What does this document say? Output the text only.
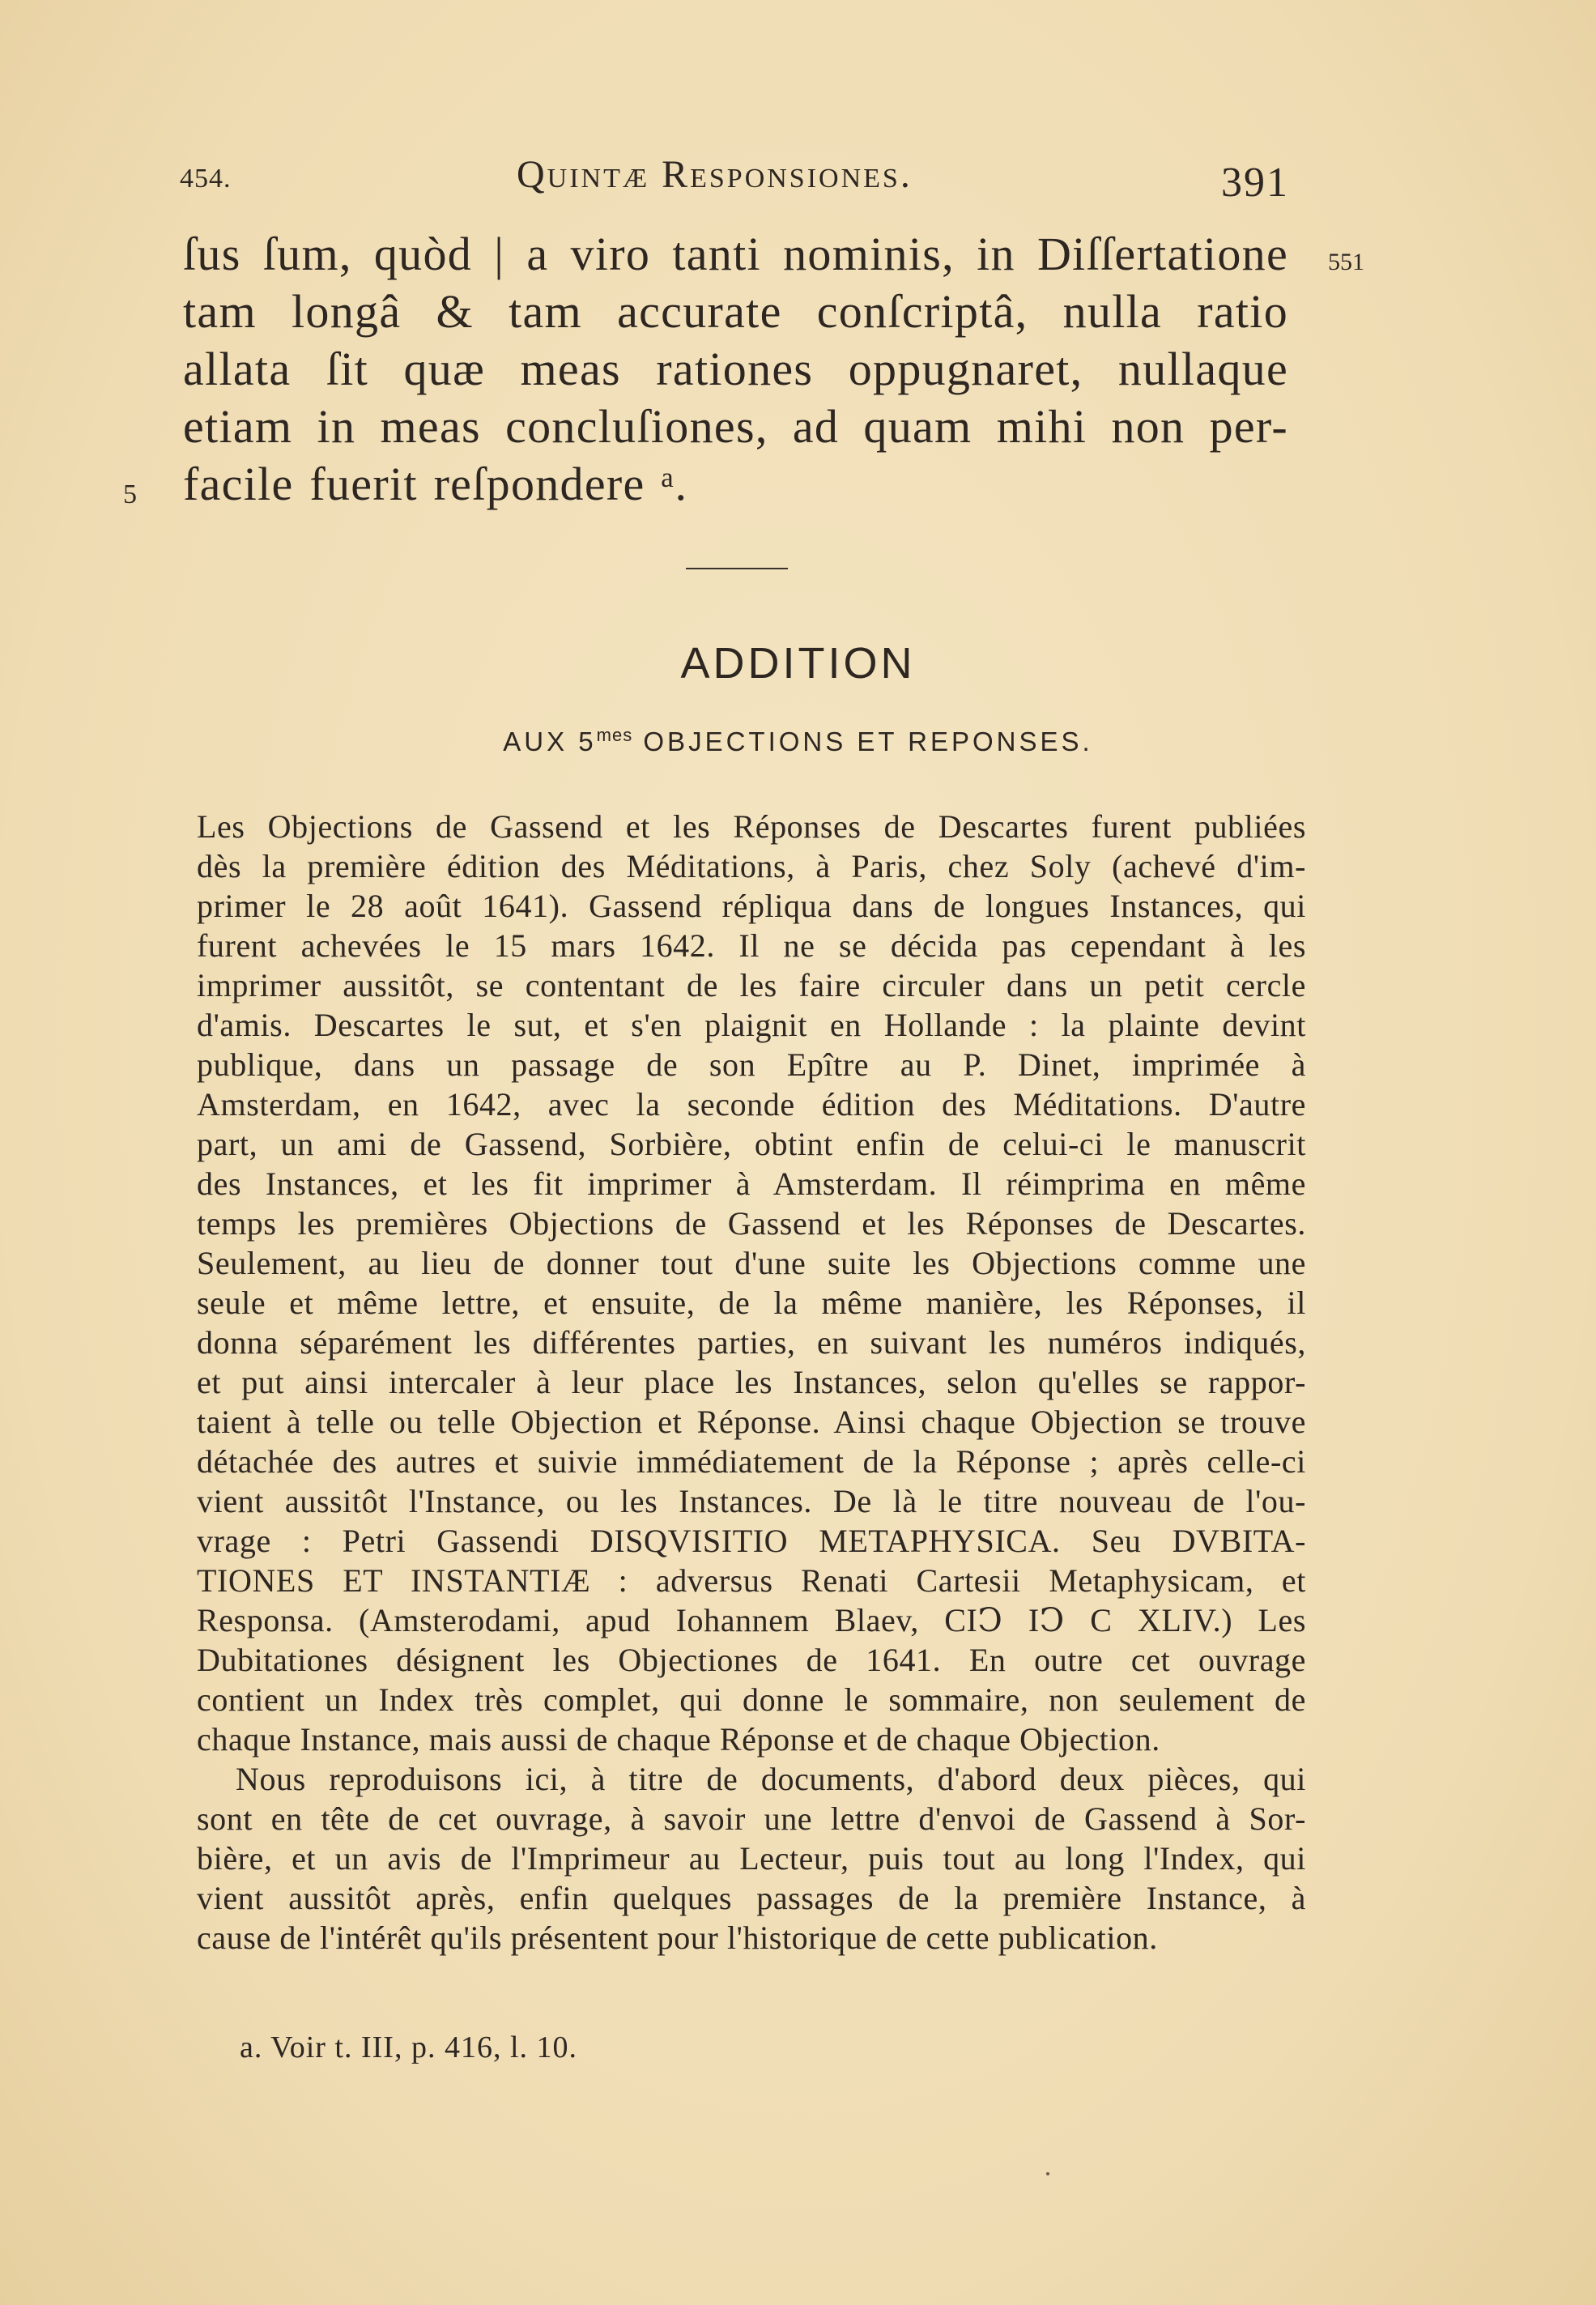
454.	Quintæ Responsiones.	391
ſus ſum, quòd | a viro tanti nominis, in Diſſertatione
tam longâ & tam accurate conſcriptâ, nulla ratio
allata ſit quæ meas rationes oppugnaret, nullaque
etiam in meas concluſiones, ad quam mihi non per-
facile fuerit reſpondere ᵃ.
551
5
ADDITION
AUX $5^{mes}$ OBJECTIONS ET REPONSES.
Les Objections de Gassend et les Réponses de Descartes furent publiées
dès la première édition des Méditations, à Paris, chez Soly (achevé d'im-
primer le 28 août 1641). Gassend répliqua dans de longues Instances, qui
furent achevées le 15 mars 1642. Il ne se décida pas cependant à les
imprimer aussitôt, se contentant de les faire circuler dans un petit cercle
d'amis. Descartes le sut, et s'en plaignit en Hollande : la plainte devint
publique, dans un passage de son Epître au P. Dinet, imprimée à
Amsterdam, en 1642, avec la seconde édition des Méditations. D'autre
part, un ami de Gassend, Sorbière, obtint enfin de celui-ci le manuscrit
des Instances, et les fit imprimer à Amsterdam. Il réimprima en même
temps les premières Objections de Gassend et les Réponses de Descartes.
Seulement, au lieu de donner tout d'une suite les Objections comme une
seule et même lettre, et ensuite, de la même manière, les Réponses, il
donna séparément les différentes parties, en suivant les numéros indiqués,
et put ainsi intercaler à leur place les Instances, selon qu'elles se rappor-
taient à telle ou telle Objection et Réponse. Ainsi chaque Objection se trouve
détachée des autres et suivie immédiatement de la Réponse ; après celle-ci
vient aussitôt l'Instance, ou les Instances. De là le titre nouveau de l'ou-
vrage : Petri Gassendi DISQVISITIO METAPHYSICA. Seu DVBITA-
TIONES ET INSTANTIÆ : adversus Renati Cartesii Metaphysicam, et
Responsa. (Amsterodami, apud Iohannem Blaev, CIↃ IↃ C XLIV.) Les
Dubitationes désignent les Objectiones de 1641. En outre cet ouvrage
contient un Index très complet, qui donne le sommaire, non seulement de
chaque Instance, mais aussi de chaque Réponse et de chaque Objection.
Nous reproduisons ici, à titre de documents, d'abord deux pièces, qui
sont en tête de cet ouvrage, à savoir une lettre d'envoi de Gassend à Sor-
bière, et un avis de l'Imprimeur au Lecteur, puis tout au long l'Index, qui
vient aussitôt après, enfin quelques passages de la première Instance, à
cause de l'intérêt qu'ils présentent pour l'historique de cette publication.
a. Voir t. III, p. 416, l. 10.
